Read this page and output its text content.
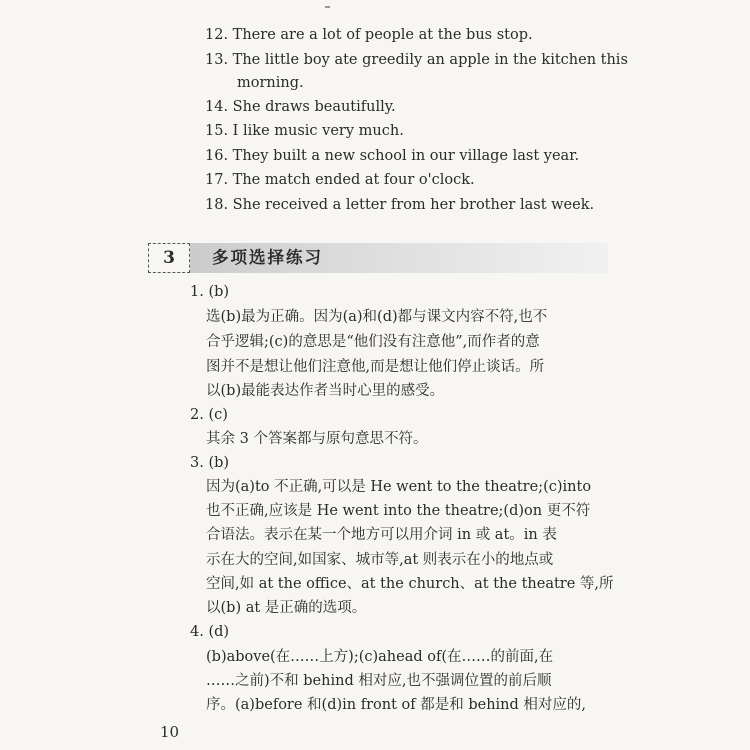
12. There are a lot of people at the bus stop.

13. The little boy ate greedily an apple in the kitchen this

morning.

14. She draws beautifully.

15. I like music very much.

16. They built a new school in our village last year.

17. The match ended at four o'clock.

18. She received a letter from her brother last week.

3	多项选择练习

1. (b)

选(b)最为正确。因为(a)和(d)都与课文内容不符,也不

合乎逻辑;(c)的意思是“他们没有注意他”,而作者的意

图并不是想让他们注意他,而是想让他们停止谈话。所

以(b)最能表达作者当时心里的感受。

2. (c)

其余 3 个答案都与原句意思不符。

3. (b)

因为(a)to 不正确,可以是 He went to the theatre;(c)into

也不正确,应该是 He went into the theatre;(d)on 更不符

合语法。表示在某一个地方可以用介词 in 或 at。in 表

示在大的空间,如国家、城市等,at 则表示在小的地点或

空间,如 at the office、at the church、at the theatre 等,所

以(b) at 是正确的选项。

4. (d)

(b)above(在……上方);(c)ahead of(在……的前面,在

……之前)不和 behind 相对应,也不强调位置的前后顺

序。(a)before 和(d)in front of 都是和 behind 相对应的,

10
